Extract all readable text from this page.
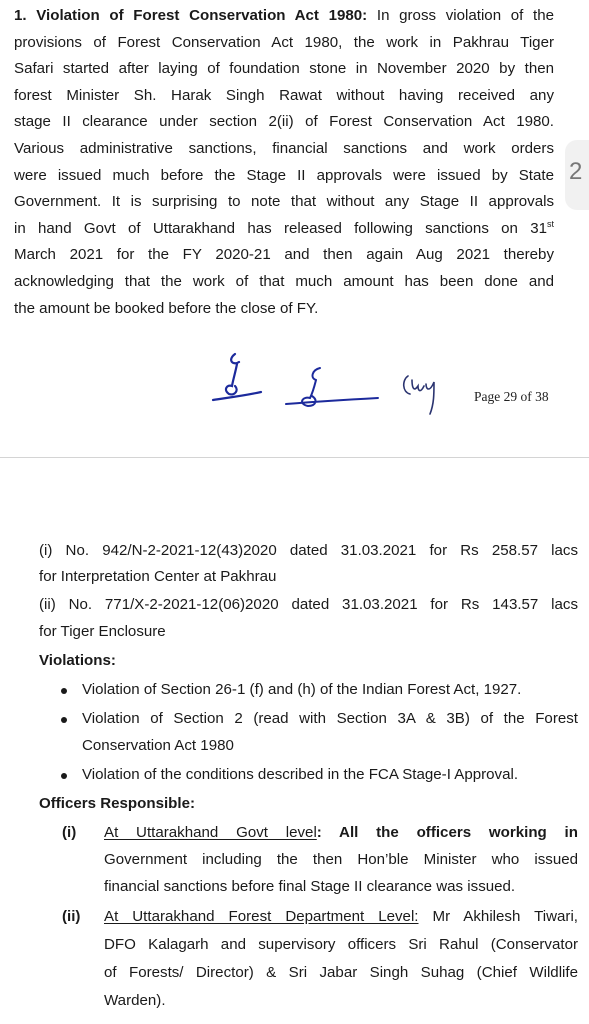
1. Violation of Forest Conservation Act 1980: In gross violation of the
provisions of Forest Conservation Act 1980, the work in Pakhrau Tiger
Safari started after laying of foundation stone in November 2020 by then
forest Minister Sh. Harak Singh Rawat without having received any
stage II clearance under section 2(ii) of Forest Conservation Act 1980.
Various administrative sanctions, financial sanctions and work orders
were issued much before the Stage II approvals were issued by State
Government. It is surprising to note that without any Stage II approvals
in hand Govt of Uttarakhand has released following sanctions on 31st
March 2021 for the FY 2020-21 and then again Aug 2021 thereby
acknowledging that the work of that much amount has been done and
the amount be booked before the close of FY.
2
Page 29 of 38
(i) No. 942/N-2-2021-12(43)2020 dated 31.03.2021 for Rs 258.57 lacs
for Interpretation Center at Pakhrau
(ii) No. 771/X-2-2021-12(06)2020 dated 31.03.2021 for Rs 143.57 lacs
for Tiger Enclosure
Violations:
Violation of Section 26-1 (f) and (h) of the Indian Forest Act, 1927.
Violation of Section 2 (read with Section 3A & 3B) of the Forest
Conservation Act 1980
Violation of the conditions described in the FCA Stage-I Approval.
Officers Responsible:
(i) At Uttarakhand Govt level: All the officers working in
Government including the then Hon’ble Minister who issued
financial sanctions before final Stage II clearance was issued.
(ii) At Uttarakhand Forest Department Level: Mr Akhilesh Tiwari,
DFO Kalagarh and supervisory officers Sri Rahul (Conservator
of Forests/ Director) & Sri Jabar Singh Suhag (Chief Wildlife
Warden).
